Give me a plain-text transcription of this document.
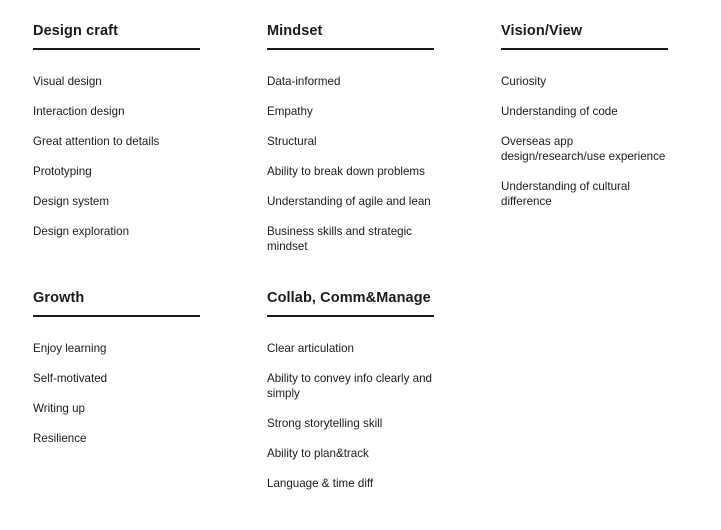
Design craft
Visual design
Interaction design
Great attention to details
Prototyping
Design system
Design exploration
Mindset
Data-informed
Empathy
Structural
Ability to break down problems
Understanding of agile and lean
Business skills and strategic mindset
Vision/View
Curiosity
Understanding of code
Overseas app design/research/use experience
Understanding of cultural difference
Growth
Enjoy learning
Self-motivated
Writing up
Resilience
Collab, Comm&Manage
Clear articulation
Ability to convey info clearly and simply
Strong storytelling skill
Ability to plan&track
Language & time diff
